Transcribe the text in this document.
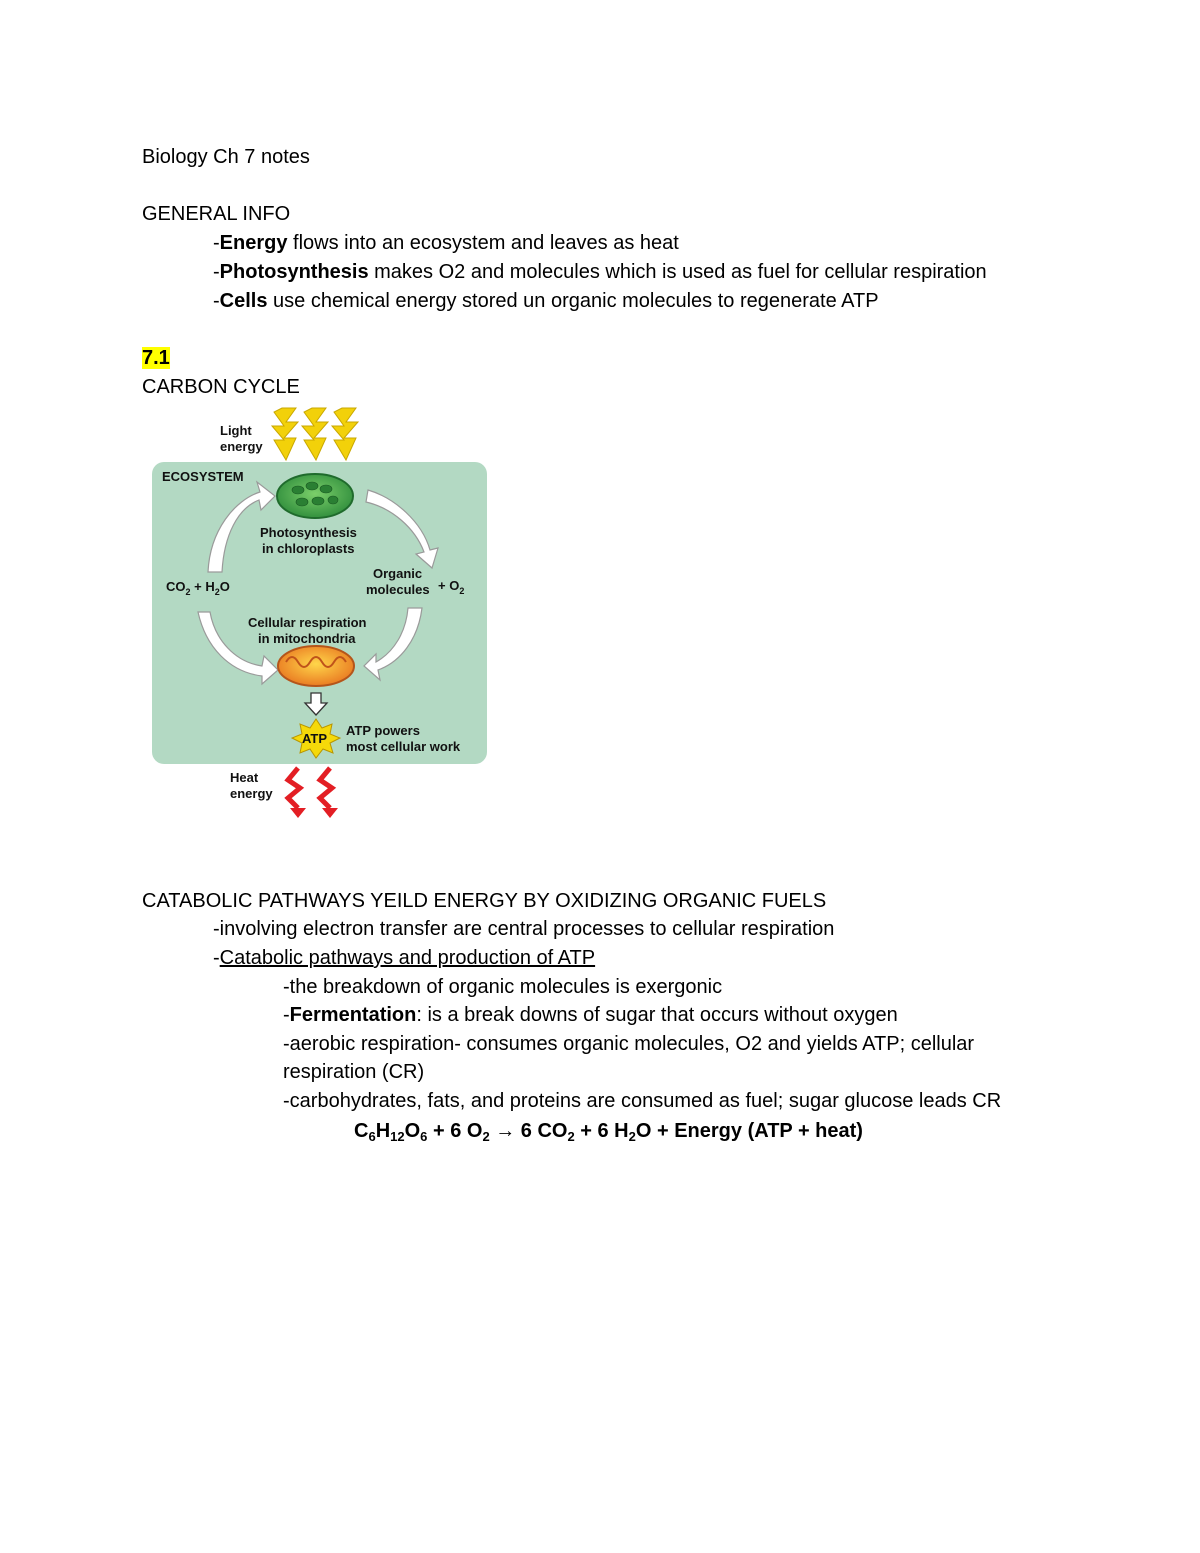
Biology Ch 7 notes
GENERAL INFO
-Energy flows into an ecosystem and leaves as heat
-Photosynthesis makes O2 and molecules which is used as fuel for cellular respiration
-Cells use chemical energy stored un organic molecules to regenerate ATP
7.1
CARBON CYCLE
Light
energy
ECOSYSTEM
Photosynthesis
in chloroplasts
Organic
molecules + $O_2$
$CO_2 + H_2O$
Cellular respiration
in mitochondria
ATP
ATP powers
most cellular work
Heat
energy
CATABOLIC PATHWAYS YEILD ENERGY BY OXIDIZING ORGANIC FUELS
-involving electron transfer are central processes to cellular respiration
-Catabolic pathways and production of ATP
-the breakdown of organic molecules is exergonic
-Fermentation: is a break downs of sugar that occurs without oxygen
-aerobic respiration- consumes organic molecules, O2 and yields ATP; cellular
respiration (CR)
-carbohydrates, fats, and proteins are consumed as fuel; sugar glucose leads CR
$C_6H_{12}O_6 + 6$ $O_2 \to 6$ $CO_2 + 6$ $H_2O$ + Energy (ATP + heat)
